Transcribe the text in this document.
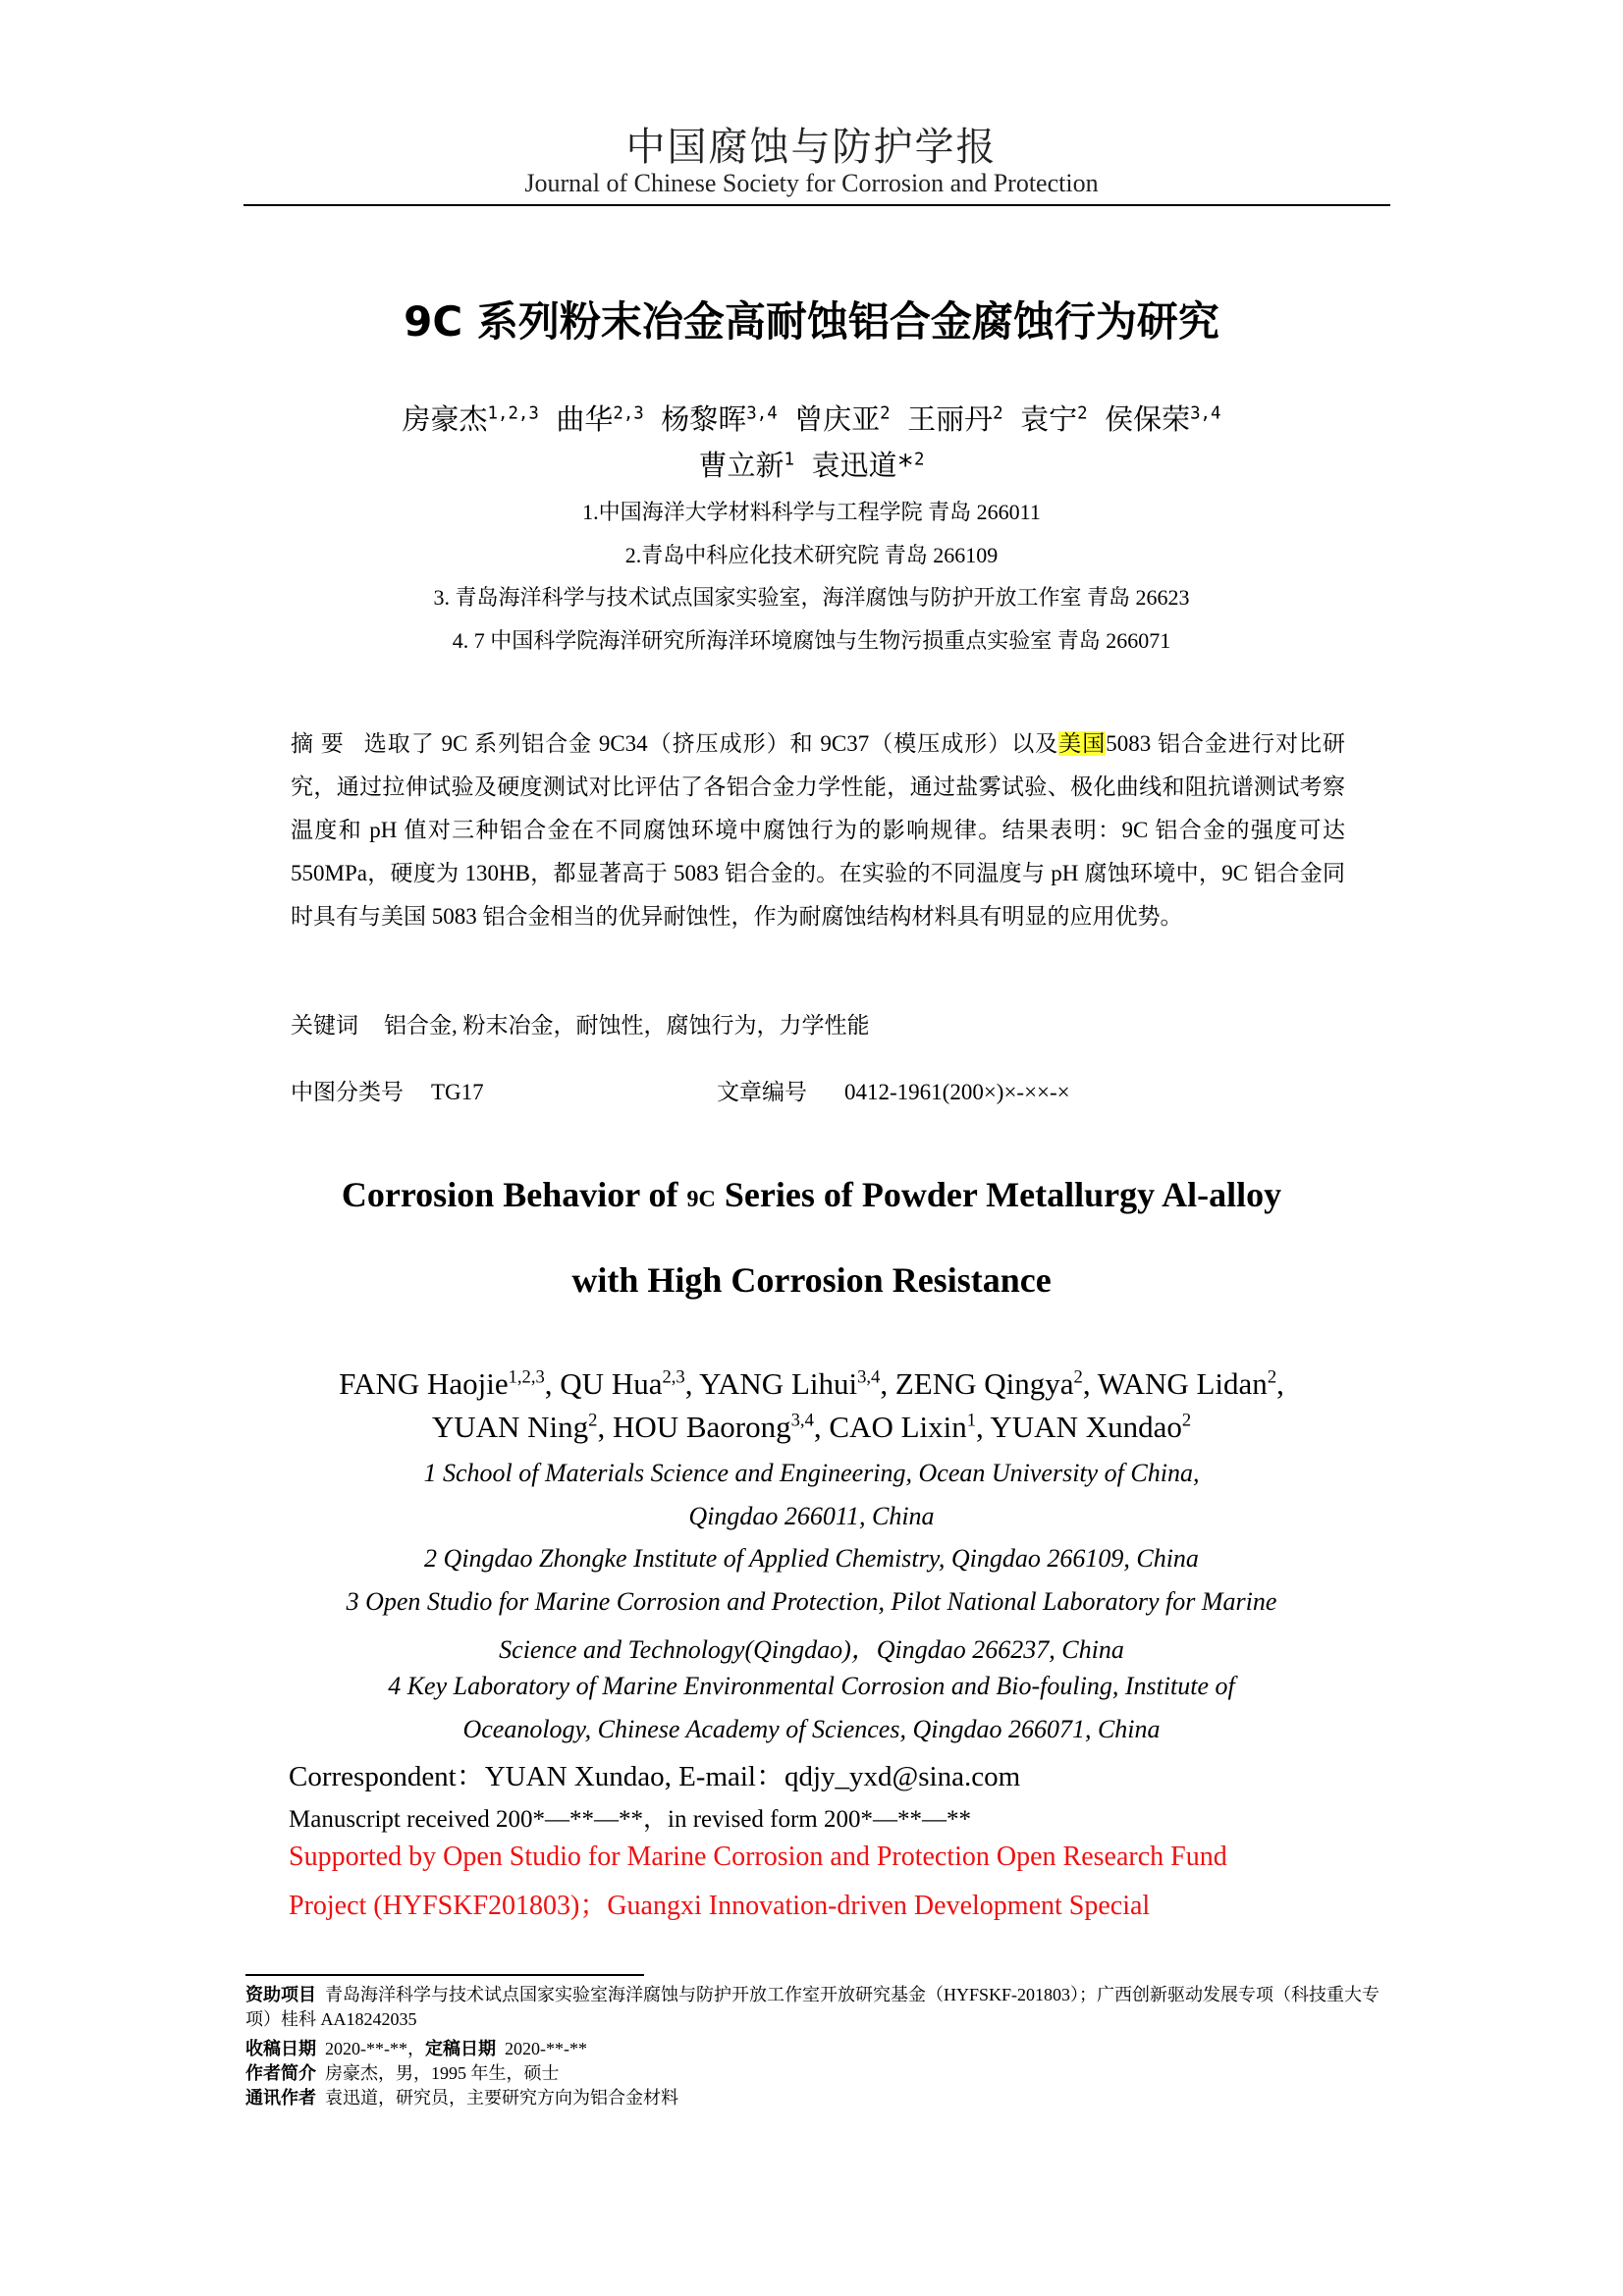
中国腐蚀与防护学报
Journal of Chinese Society for Corrosion and Protection
9C 系列粉末冶金高耐蚀铝合金腐蚀行为研究
房豪杰$^{1,2,3}$ 曲华$^{2,3}$ 杨黎晖$^{3,4}$ 曾庆亚$^2$ 王丽丹$^2$ 袁宁$^2$ 侯保荣$^{3,4}$
曹立新$^1$ 袁迅道*$^2$
1.中国海洋大学材料科学与工程学院 青岛 266011
2.青岛中科应化技术研究院 青岛 266109
3. 青岛海洋科学与技术试点国家实验室，海洋腐蚀与防护开放工作室 青岛 26623
4. 7 中国科学院海洋研究所海洋环境腐蚀与生物污损重点实验室 青岛 266071
摘 要 选取了 9C 系列铝合金 9C34（挤压成形）和 9C37（模压成形）以及美国5083 铝合金进行对比研究，通过拉伸试验及硬度测试对比评估了各铝合金力学性能，通过盐雾试验、极化曲线和阻抗谱测试考察温度和 pH 值对三种铝合金在不同腐蚀环境中腐蚀行为的影响规律。结果表明：9C 铝合金的强度可达 550MPa，硬度为 130HB，都显著高于 5083 铝合金的。在实验的不同温度与 pH 腐蚀环境中，9C 铝合金同时具有与美国 5083 铝合金相当的优异耐蚀性，作为耐腐蚀结构材料具有明显的应用优势。
关键词 铝合金, 粉末冶金，耐蚀性，腐蚀行为，力学性能
中图分类号 TG17	文章编号 0412-1961(200×)×-××-×
Corrosion Behavior of 9C Series of Powder Metallurgy Al-alloy
with High Corrosion Resistance
FANG Haojie$^{1,2,3}$, QU Hua$^{2,3}$, YANG Lihui$^{3,4}$, ZENG Qingya$^2$, WANG Lidan$^2$,
YUAN Ning$^2$, HOU Baorong$^{3,4}$, CAO Lixin$^1$, YUAN Xundao$^2$
1 School of Materials Science and Engineering, Ocean University of China,
Qingdao 266011, China
2 Qingdao Zhongke Institute of Applied Chemistry, Qingdao 266109, China
3 Open Studio for Marine Corrosion and Protection, Pilot National Laboratory for Marine
Science and Technology(Qingdao)，Qingdao 266237, China
4 Key Laboratory of Marine Environmental Corrosion and Bio-fouling, Institute of
Oceanology, Chinese Academy of Sciences, Qingdao 266071, China
Correspondent：YUAN Xundao, E-mail：qdjy_yxd@sina.com
Manuscript received 200*—**—**，in revised form 200*—**—**
Supported by Open Studio for Marine Corrosion and Protection Open Research Fund
Project (HYFSKF201803)；Guangxi Innovation-driven Development Special
资助项目 青岛海洋科学与技术试点国家实验室海洋腐蚀与防护开放工作室开放研究基金（HYFSKF-201803）；广西创新驱动发展专项（科技重大专项）桂科 AA18242035
收稿日期 2020-**-**，定稿日期 2020-**-**
作者简介 房豪杰，男，1995 年生，硕士
通讯作者 袁迅道，研究员，主要研究方向为铝合金材料
